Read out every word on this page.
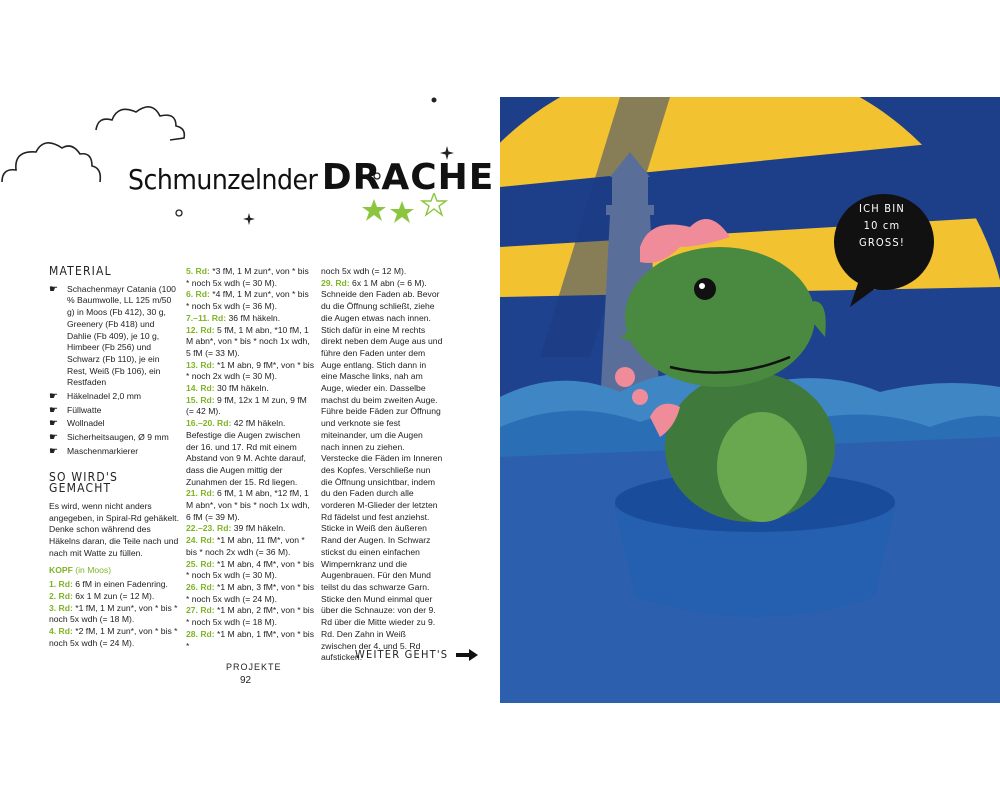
Schmunzelnder DRACHE
MATERIAL
☛ Schachenmayr Catania (100 % Baumwolle, LL 125 m/50 g) in Moos (Fb 412), 30 g, Greenery (Fb 418) und Dahlie (Fb 409), je 10 g, Himbeer (Fb 256) und Schwarz (Fb 110), je ein Rest, Weiß (Fb 106), ein Restfaden
☛ Häkelnadel 2,0 mm
☛ Füllwatte
☛ Wollnadel
☛ Sicherheitsaugen, Ø 9 mm
☛ Maschenmarkierer
SO WIRD'S GEMACHT

Es wird, wenn nicht anders angegeben, in Spiral-Rd gehäkelt. Denke schon während des Häkelns daran, die Teile nach und nach mit Watte zu füllen.

KOPF (in Moos)

1. Rd: 6 fM in einen Fadenring.

2. Rd: 6x 1 M zun (= 12 M).

3. Rd: *1 fM, 1 M zun*, von * bis * noch 5x wdh (= 18 M).

4. Rd: *2 fM, 1 M zun*, von * bis * noch 5x wdh (= 24 M).

5. Rd: *3 fM, 1 M zun*, von * bis * noch 5x wdh (= 30 M).

6. Rd: *4 fM, 1 M zun*, von * bis * noch 5x wdh (= 36 M).

7.–11. Rd: 36 fM häkeln.

12. Rd: 5 fM, 1 M abn, *10 fM, 1 M abn*, von * bis * noch 1x wdh, 5 fM (= 33 M).

13. Rd: *1 M abn, 9 fM*, von * bis * noch 2x wdh (= 30 M).

14. Rd: 30 fM häkeln.

15. Rd: 9 fM, 12x 1 M zun, 9 fM (= 42 M).

16.–20. Rd: 42 fM häkeln. Befestige die Augen zwischen der 16. und 17. Rd mit einem Abstand von 9 M. Achte darauf, dass die Augen mittig der Zunahmen der 15. Rd liegen.

21. Rd: 6 fM, 1 M abn, *12 fM, 1 M abn*, von * bis * noch 1x wdh, 6 fM (= 39 M).

22.–23. Rd: 39 fM häkeln.

24. Rd: *1 M abn, 11 fM*, von * bis * noch 2x wdh (= 36 M).

25. Rd: *1 M abn, 4 fM*, von * bis * noch 5x wdh (= 30 M).

26. Rd: *1 M abn, 3 fM*, von * bis * noch 5x wdh (= 24 M).

27. Rd: *1 M abn, 2 fM*, von * bis * noch 5x wdh (= 18 M).

28. Rd: *1 M abn, 1 fM*, von * bis *

noch 5x wdh (= 12 M).

29. Rd: 6x 1 M abn (= 6 M).

Schneide den Faden ab. Bevor du die Öffnung schließt, ziehe die Augen etwas nach innen. Stich dafür in eine M rechts direkt neben dem Auge aus und führe den Faden unter dem Auge entlang. Stich dann in eine Masche links, nah am Auge, wieder ein. Dasselbe machst du beim zweiten Auge. Führe beide Fäden zur Öffnung und verknote sie fest miteinander, um die Augen nach innen zu ziehen. Verstecke die Fäden im Inneren des Kopfes. Verschließe nun die Öffnung unsichtbar, indem du den Faden durch alle vorderen M-Glieder der letzten Rd fädelst und fest anziehst.

Sticke in Weiß den äußeren Rand der Augen. In Schwarz stickst du einen einfachen Wimpernkranz und die Augenbrauen. Für den Mund teilst du das schwarze Garn. Sticke den Mund einmal quer über die Schnauze: von der 9. Rd über die Mitte wieder zu 9. Rd. Den Zahn in Weiß zwischen der 4. und 5. Rd aufsticken.

PROJEKTE
92
WEITER GEHT'S
ICH BIN
10 cm
GROSS!
